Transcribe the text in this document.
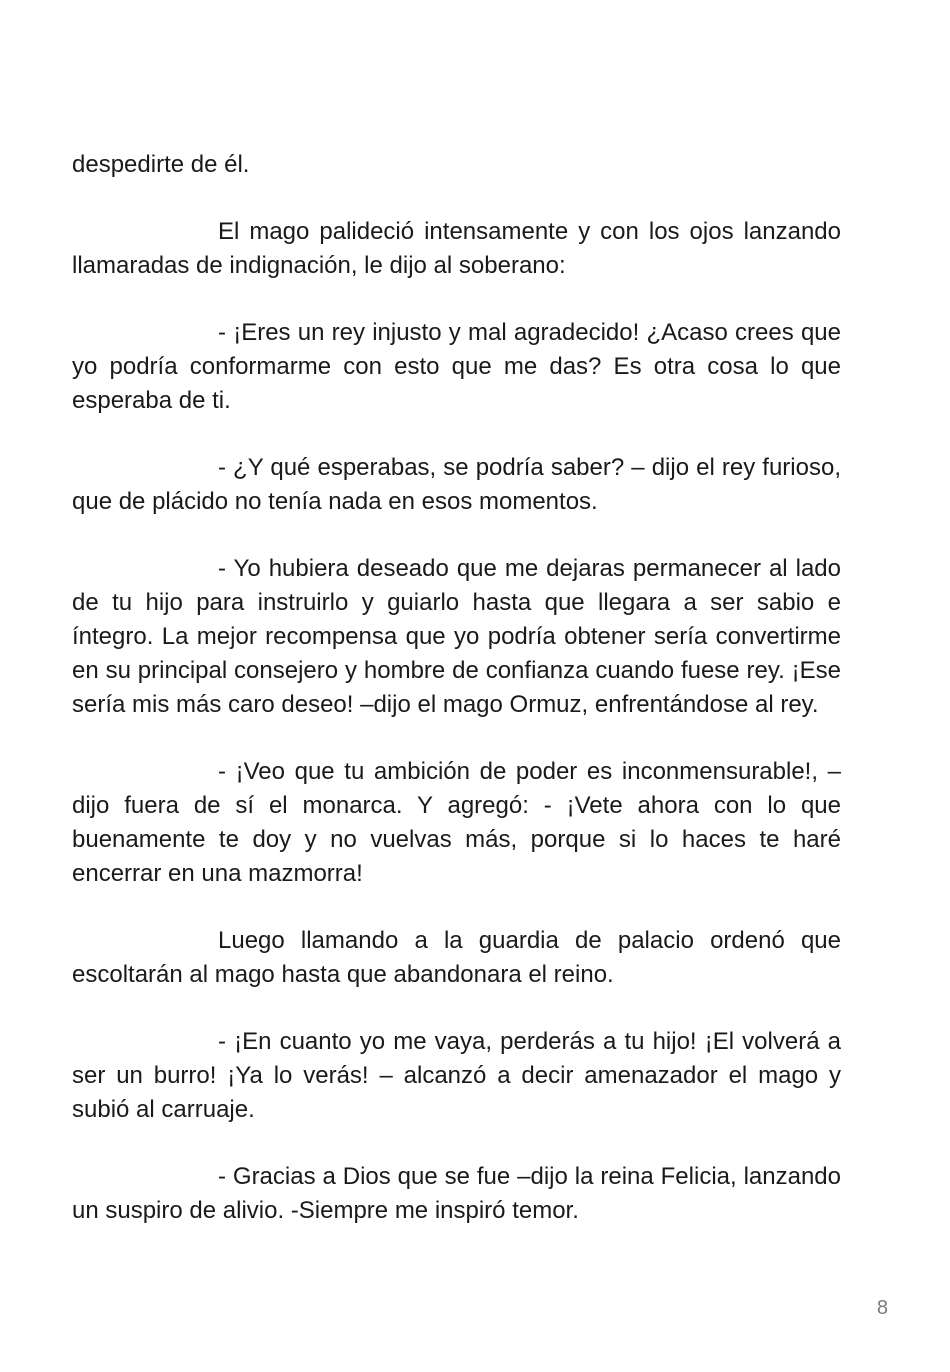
despedirte de él.

El mago palideció intensamente y con los ojos lanzando llamaradas de indignación, le dijo al soberano:

- ¡Eres un rey injusto y mal agradecido! ¿Acaso crees que yo podría conformarme con esto que me das? Es otra cosa lo que esperaba de ti.

- ¿Y qué esperabas, se podría saber? – dijo el rey furioso, que de plácido no tenía nada en esos momentos.

- Yo hubiera deseado que me dejaras permanecer al lado de tu hijo para instruirlo y guiarlo hasta que llegara a ser sabio e íntegro. La mejor recompensa que yo podría obtener sería convertirme en su principal consejero y hombre de confianza cuando fuese rey. ¡Ese sería mis más caro deseo! –dijo el mago Ormuz, enfrentándose al rey.

- ¡Veo que tu ambición de poder es inconmensurable!, – dijo fuera de sí el monarca. Y agregó: - ¡Vete ahora con lo que buenamente te doy y no vuelvas más, porque si lo haces te haré encerrar en una mazmorra!

Luego llamando a la guardia de palacio ordenó que escoltarán al mago hasta que abandonara el reino.

- ¡En cuanto yo me vaya, perderás a tu hijo! ¡El volverá a ser un burro! ¡Ya lo verás! – alcanzó a decir amenazador el mago y subió al carruaje.

- Gracias a Dios que se fue –dijo la reina Felicia, lanzando un suspiro de alivio. -Siempre me inspiró temor.

8
